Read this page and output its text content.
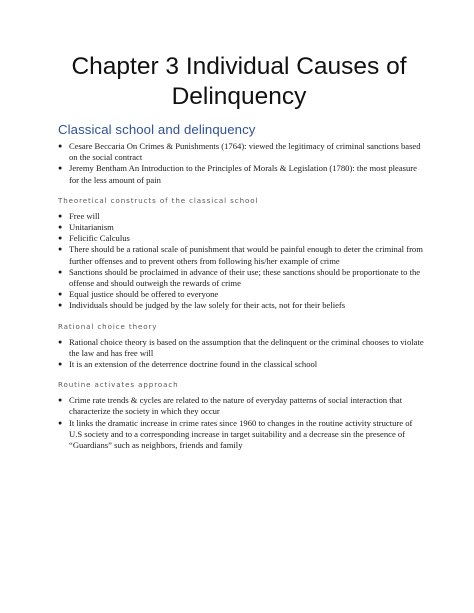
Chapter 3 Individual Causes of Delinquency
Classical school and delinquency
● Cesare Beccaria On Crimes & Punishments (1764): viewed the legitimacy of criminal sanctions based on the social contract
● Jeremy Bentham An Introduction to the Principles of Morals & Legislation (1780): the most pleasure for the less amount of pain
Theoretical constructs of the classical school
● Free will
● Unitarianism
● Felicific Calculus
● There should be a rational scale of punishment that would be painful enough to deter the criminal from further offenses and to prevent others from following his/her example of crime
● Sanctions should be proclaimed in advance of their use; these sanctions should be proportionate to the offense and should outweigh the rewards of crime
● Equal justice should be offered to everyone
● Individuals should be judged by the law solely for their acts, not for their beliefs
Rational choice theory
● Rational choice theory is based on the assumption that the delinquent or the criminal chooses to violate the law and has free will
● It is an extension of the deterrence doctrine found in the classical school
Routine activates approach
● Crime rate trends & cycles are related to the nature of everyday patterns of social interaction that characterize the society in which they occur
● It links the dramatic increase in crime rates since 1960 to changes in the routine activity structure of U.S society and to a corresponding increase in target suitability and a decrease sin the presence of “Guardians” such as neighbors, friends and family
